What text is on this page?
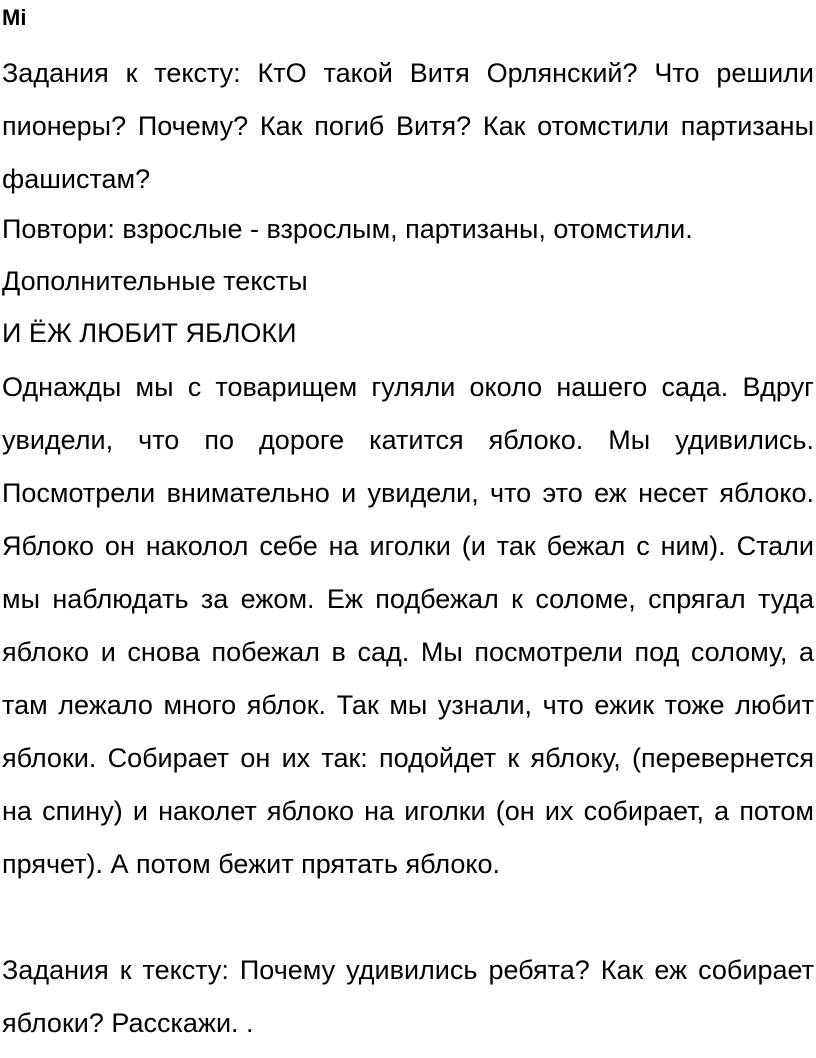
Mi

Задания к тексту: КтО такой Витя Орлянский? Что решили пионеры? Почему? Как погиб Витя? Как отомстили партизаны фашистам?

Повтори: взрослые - взрослым, партизаны, отомстили.

Дополнительные тексты

И ЁЖ ЛЮБИТ ЯБЛОКИ

Однажды мы с товарищем гуляли около нашего сада. Вдруг увидели, что по дороге катится яблоко. Мы удивились. Посмотрели внимательно и увидели, что это еж несет яблоко. Яблоко он наколол себе на иголки (и так бежал с ним). Стали мы наблюдать за ежом. Еж подбежал к соломе, спрягал туда яблоко и снова побежал в сад. Мы посмотрели под солому, а там лежало много яблок. Так мы узнали, что ежик тоже любит яблоки. Собирает он их так: подойдет к яблоку, (перевернется на спину) и наколет яблоко на иголки (он их собирает, а потом прячет). А потом бежит прятать яблоко.

Задания к тексту: Почему удивились ребята? Как еж собирает яблоки? Расскажи. .
